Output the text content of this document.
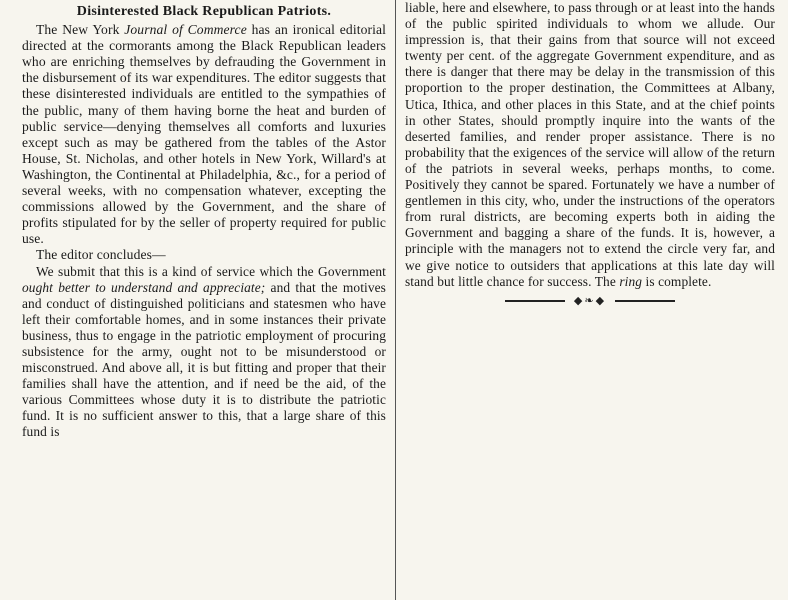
Disinterested Black Republican Patriots.

The New York Journal of Commerce has an ironical editorial directed at the cormorants among the Black Republican leaders who are enriching themselves by defrauding the Government in the disbursement of its war expenditures. The editor suggests that these disinterested individuals are entitled to the sympathies of the public, many of them having borne the heat and burden of public service—denying themselves all comforts and luxuries except such as may be gathered from the tables of the Astor House, St. Nicholas, and other hotels in New York, Willard's at Washington, the Continental at Philadelphia, &c., for a period of several weeks, with no compensation whatever, excepting the commissions allowed by the Government, and the share of profits stipulated for by the seller of property required for public use.

The editor concludes—

We submit that this is a kind of service which the Government ought better to understand and appreciate; and that the motives and conduct of distinguished politicians and statesmen who have left their comfortable homes, and in some instances their private business, thus to engage in the patriotic employment of procuring subsistence for the army, ought not to be misunderstood or misconstrued. And above all, it is but fitting and proper that their families shall have the attention, and if need be the aid, of the various Committees whose duty it is to distribute the patriotic fund. It is no sufficient answer to this, that a large share of this fund is

liable, here and elsewhere, to pass through or at least into the hands of the public spirited individuals to whom we allude. Our impression is, that their gains from that source will not exceed twenty per cent. of the aggregate Government expenditure, and as there is danger that there may be delay in the transmission of this proportion to the proper destination, the Committees at Albany, Utica, Ithica, and other places in this State, and at the chief points in other States, should promptly inquire into the wants of the deserted families, and render proper assistance. There is no probability that the exigences of the service will allow of the return of the patriots in several weeks, perhaps months, to come. Positively they cannot be spared. Fortunately we have a number of gentlemen in this city, who, under the instructions of the operators from rural districts, are becoming experts both in aiding the Government and bagging a share of the funds. It is, however, a principle with the managers not to extend the circle very far, and we give notice to outsiders that applications at this late day will stand but little chance for success. The ring is complete.

◆❧◆
